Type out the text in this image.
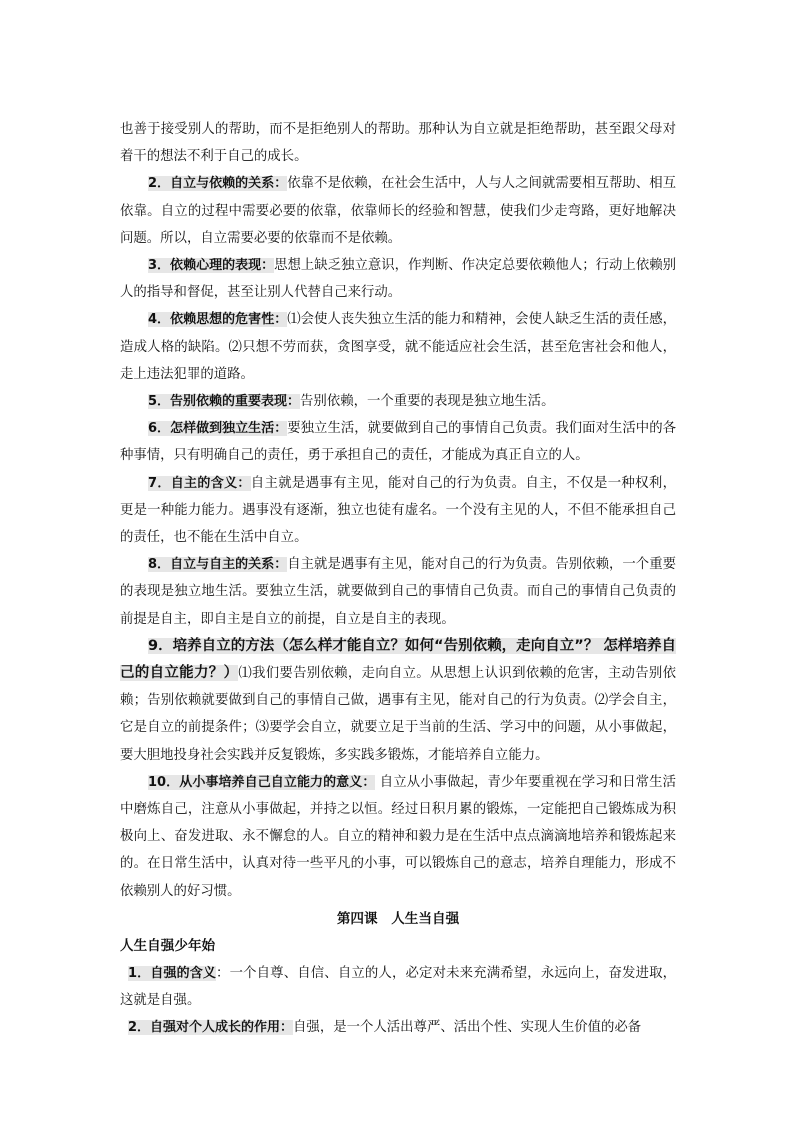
也善于接受别人的帮助，而不是拒绝别人的帮助。那种认为自立就是拒绝帮助，甚至跟父母对着干的想法不利于自己的成长。

2．自立与依赖的关系：依靠不是依赖，在社会生活中，人与人之间就需要相互帮助、相互依靠。自立的过程中需要必要的依靠，依靠师长的经验和智慧，使我们少走弯路，更好地解决问题。所以，自立需要必要的依靠而不是依赖。

3．依赖心理的表现：思想上缺乏独立意识，作判断、作决定总要依赖他人；行动上依赖别人的指导和督促，甚至让别人代替自己来行动。

4．依赖思想的危害性：⑴会使人丧失独立生活的能力和精神，会使人缺乏生活的责任感，造成人格的缺陷。⑵只想不劳而获，贪图享受，就不能适应社会生活，甚至危害社会和他人，走上违法犯罪的道路。

5．告别依赖的重要表现：告别依赖，一个重要的表现是独立地生活。

6．怎样做到独立生活：要独立生活，就要做到自己的事情自己负责。我们面对生活中的各种事情，只有明确自己的责任，勇于承担自己的责任，才能成为真正自立的人。

7．自主的含义：自主就是遇事有主见，能对自己的行为负责。自主，不仅是一种权利，更是一种能力能力。遇事没有逐渐，独立也徒有虚名。一个没有主见的人，不但不能承担自己的责任，也不能在生活中自立。

8．自立与自主的关系：自主就是遇事有主见，能对自己的行为负责。告别依赖，一个重要的表现是独立地生活。要独立生活，就要做到自己的事情自己负责。而自己的事情自己负责的前提是自主，即自主是自立的前提，自立是自主的表现。

9．培养自立的方法（怎么样才能自立？如何“告别依赖，走向自立”？ 怎样培养自己的自立能力？）⑴我们要告别依赖，走向自立。从思想上认识到依赖的危害，主动告别依赖；告别依赖就要做到自己的事情自己做，遇事有主见，能对自己的行为负责。⑵学会自主，它是自立的前提条件；⑶要学会自立，就要立足于当前的生活、学习中的问题，从小事做起，要大胆地投身社会实践并反复锻炼，多实践多锻炼，才能培养自立能力。

10．从小事培养自己自立能力的意义： 自立从小事做起，青少年要重视在学习和日常生活中磨炼自己，注意从小事做起，并持之以恒。经过日积月累的锻炼，一定能把自己锻炼成为积极向上、奋发进取、永不懈怠的人。自立的精神和毅力是在生活中点点滴滴地培养和锻炼起来的。在日常生活中，认真对待一些平凡的小事，可以锻炼自己的意志，培养自理能力，形成不依赖别人的好习惯。

第四课　人生当自强

人生自强少年始

1．自强的含义：一个自尊、自信、自立的人，必定对未来充满希望，永远向上，奋发进取，这就是自强。

2．自强对个人成长的作用：自强，是一个人活出尊严、活出个性、实现人生价值的必备
